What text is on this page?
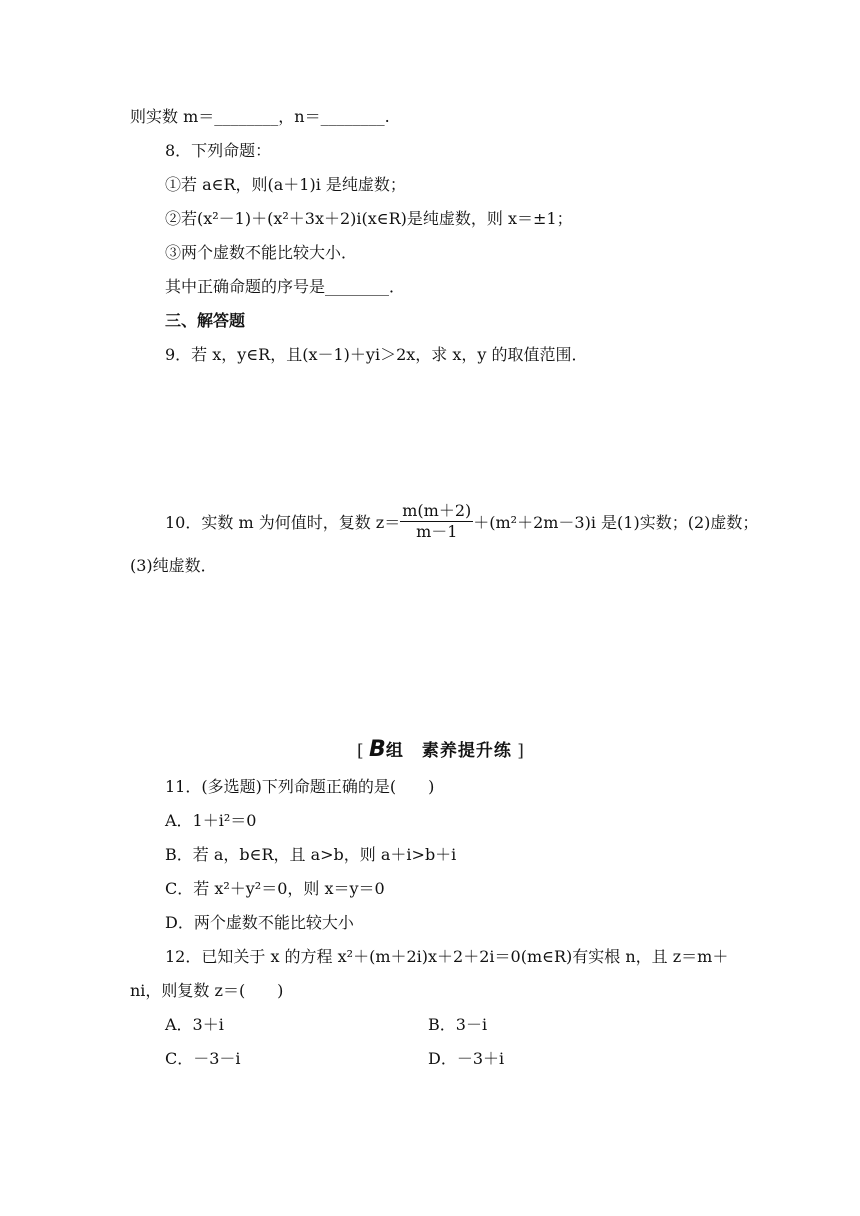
则实数 m＝________，n＝________.
8．下列命题：
①若 a∈R，则(a＋1)i 是纯虚数；
②若(x²－1)＋(x²＋3x＋2)i(x∈R)是纯虚数，则 x＝±1；
③两个虚数不能比较大小．
其中正确命题的序号是________．
三、解答题
9．若 x，y∈R，且(x－1)＋yi＞2x，求 x，y 的取值范围．
10．实数 m 为何值时，复数 $z= \frac{m(m+2)}{m-1} +(m^2+2m-3)i$ 是(1)实数；(2)虚数；
(3)纯虚数．
[ B组　素养提升练 ]
11．(多选题)下列命题正确的是(　　)
A．1＋i²＝0
B．若 a，b∈R，且 a>b，则 a＋i>b＋i
C．若 x²＋y²＝0，则 x＝y＝0
D．两个虚数不能比较大小
12．已知关于 x 的方程 x²＋(m＋2i)x＋2＋2i＝0(m∈R)有实根 n，且 z＝m＋
ni，则复数 z＝(　　)
A．3＋i	B．3－i
C．－3－i	D．－3＋i
